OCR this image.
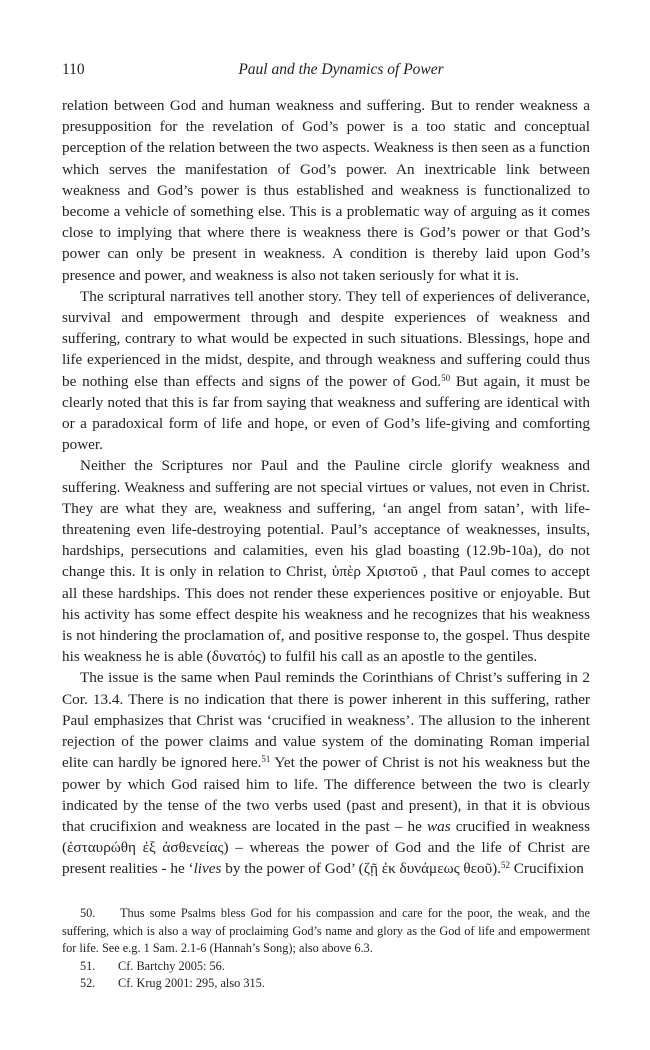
110	Paul and the Dynamics of Power

relation between God and human weakness and suffering. But to render weakness a presupposition for the revelation of God’s power is a too static and conceptual perception of the relation between the two aspects. Weakness is then seen as a function which serves the manifestation of God’s power. An inextricable link between weakness and God’s power is thus established and weakness is functionalized to become a vehicle of something else. This is a problematic way of arguing as it comes close to implying that where there is weakness there is God’s power or that God’s power can only be present in weakness. A condition is thereby laid upon God’s presence and power, and weakness is also not taken seriously for what it is.

The scriptural narratives tell another story. They tell of experiences of deliverance, survival and empowerment through and despite experiences of weakness and suffering, contrary to what would be expected in such situations. Blessings, hope and life experienced in the midst, despite, and through weakness and suffering could thus be nothing else than effects and signs of the power of God.$^{50}$ But again, it must be clearly noted that this is far from saying that weakness and suffering are identical with or a paradoxical form of life and hope, or even of God’s life-giving and comforting power.

Neither the Scriptures nor Paul and the Pauline circle glorify weakness and suffering. Weakness and suffering are not special virtues or values, not even in Christ. They are what they are, weakness and suffering, ‘an angel from satan’, with life-threatening even life-destroying potential. Paul’s acceptance of weaknesses, insults, hardships, persecutions and calamities, even his glad boasting (12.9b-10a), do not change this. It is only in relation to Christ, ὑπὲρ Χριστοῦ , that Paul comes to accept all these hardships. This does not render these experiences positive or enjoyable. But his activity has some effect despite his weakness and he recognizes that his weakness is not hindering the proclamation of, and positive response to, the gospel. Thus despite his weakness he is able (δυνατός) to fulfil his call as an apostle to the gentiles.

The issue is the same when Paul reminds the Corinthians of Christ’s suffering in 2 Cor. 13.4. There is no indication that there is power inherent in this suffering, rather Paul emphasizes that Christ was ‘crucified in weakness’. The allusion to the inherent rejection of the power claims and value system of the dominating Roman imperial elite can hardly be ignored here.$^{51}$ Yet the power of Christ is not his weakness but the power by which God raised him to life. The difference between the two is clearly indicated by the tense of the two verbs used (past and present), in that it is obvious that crucifixion and weakness are located in the past – he was crucified in weakness (ἐσταυρώθη ἐξ ἀσθενείας) – whereas the power of God and the life of Christ are present realities - he ‘lives by the power of God’ (ζῇ ἐκ δυνάμεως θεοῦ).$^{52}$ Crucifixion

50. Thus some Psalms bless God for his compassion and care for the poor, the weak, and the suffering, which is also a way of proclaiming God’s name and glory as the God of life and empowerment for life. See e.g. 1 Sam. 2.1-6 (Hannah’s Song); also above 6.3.

51. Cf. Bartchy 2005: 56.

52. Cf. Krug 2001: 295, also 315.
